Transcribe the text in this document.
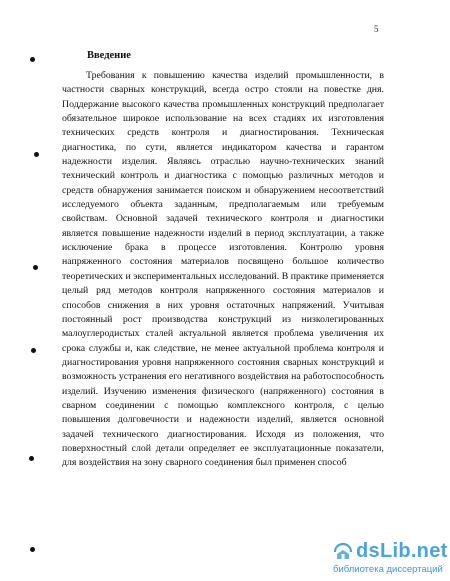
5
Введение
Требования к повышению качества изделий промышленности, в
частности сварных конструкций, всегда остро стояли на повестке дня.
Поддержание высокого качества промышленных конструкций предполагает
обязательное широкое использование на всех стадиях их изготовления
технических средств контроля и диагностирования. Техническая
диагностика, по сути, является индикатором качества и гарантом
надежности изделия. Являясь отраслью научно-технических знаний
технический контроль и диагностика с помощью различных методов и
средств обнаружения занимается поиском и обнаружением несоответствий
исследуемого объекта заданным, предполагаемым или требуемым
свойствам. Основной задачей технического контроля и диагностики
является повышение надежности изделий в период эксплуатации, а также
исключение брака в процессе изготовления. Контролю уровня
напряженного состояния материалов посвящено большое количество
теоретических и экспериментальных исследований. В практике применяется
целый ряд методов контроля напряженного состояния материалов и
способов снижения в них уровня остаточных напряжений. Учитывая
постоянный рост производства конструкций из низколегированных
малоуглеродистых сталей актуальной является проблема увеличения их
срока службы и, как следствие, не менее актуальной проблема контроля и
диагностирования уровня напряженного состояния сварных конструкций и
возможность устранения его негативного воздействия на работоспособность
изделий. Изучению изменения физического (напряженного) состояния в
сварном соединении с помощью комплексного контроля, с целью
повышения долговечности и надежности изделий, является основной
задачей технического диагностирования. Исходя из положения, что
поверхностный слой детали определяет ее эксплуатационные показатели,
для воздействия на зону сварного соединения был применен способ
dsLib.net
библиотека диссертаций
